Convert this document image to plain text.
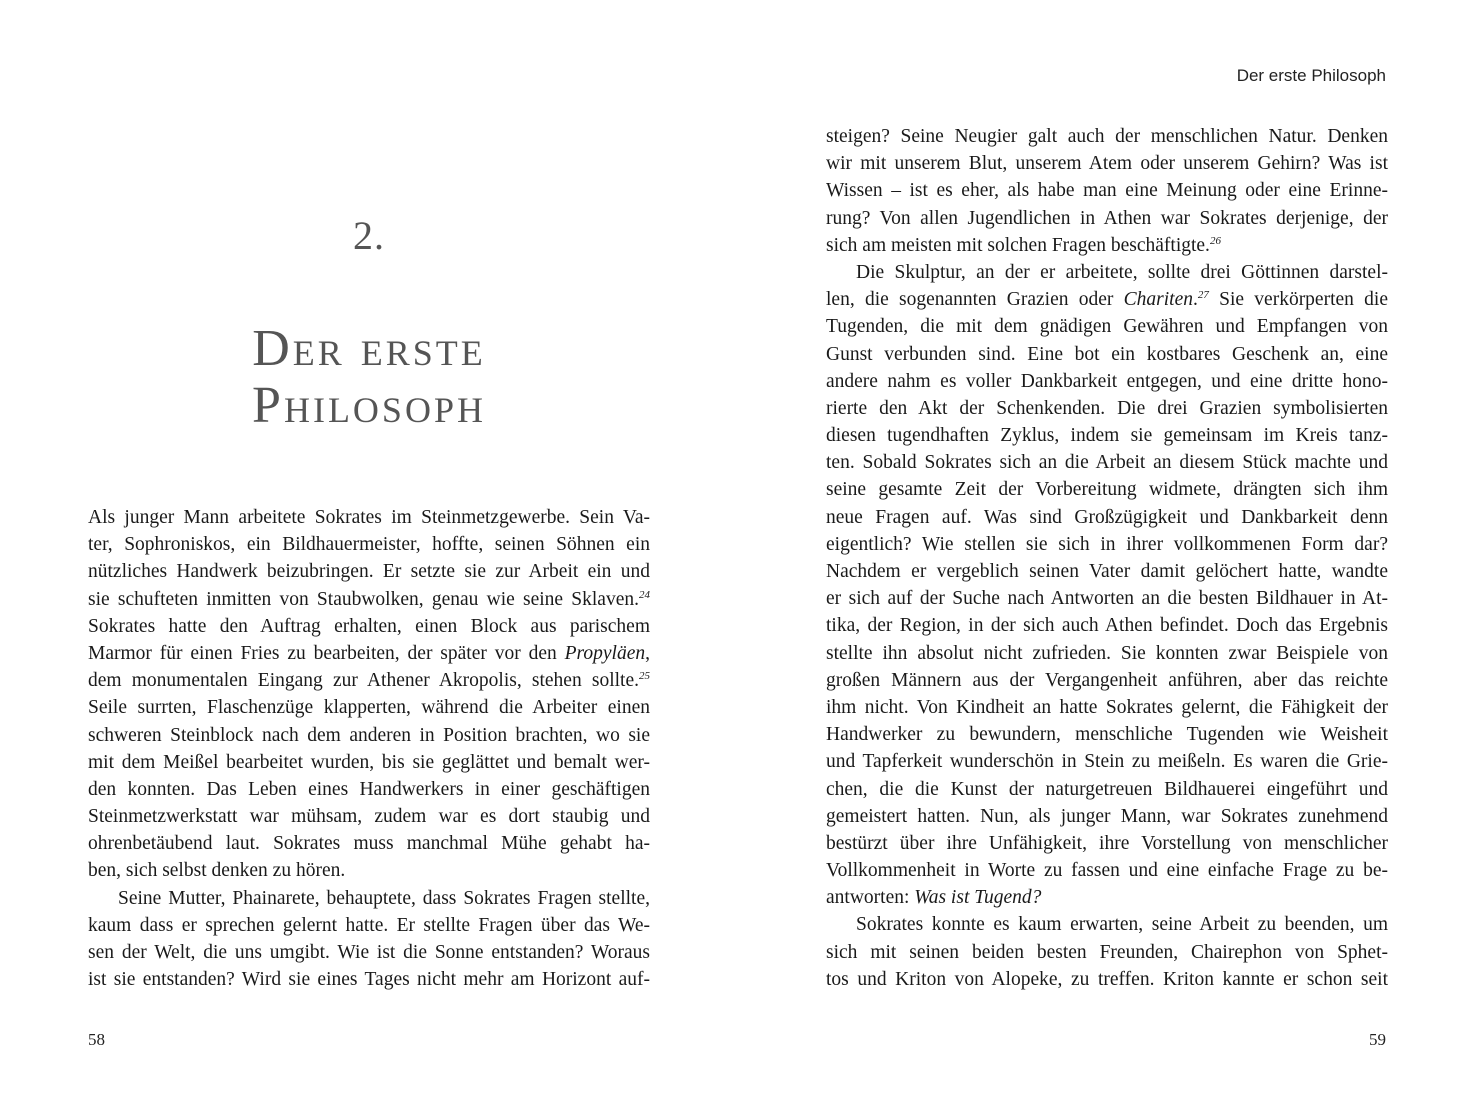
2.
Der erste
Philosoph
Als junger Mann arbeitete Sokrates im Steinmetzgewerbe. Sein Va-
ter, Sophroniskos, ein Bildhauermeister, hoffte, seinen Söhnen ein
nützliches Handwerk beizubringen. Er setzte sie zur Arbeit ein und
sie schufteten inmitten von Staubwolken, genau wie seine Sklaven.$^{24}$
Sokrates hatte den Auftrag erhalten, einen Block aus parischem
Marmor für einen Fries zu bearbeiten, der später vor den Propyläen,
dem monumentalen Eingang zur Athener Akropolis, stehen sollte.$^{25}$
Seile surrten, Flaschenzüge klapperten, während die Arbeiter einen
schweren Steinblock nach dem anderen in Position brachten, wo sie
mit dem Meißel bearbeitet wurden, bis sie geglättet und bemalt wer-
den konnten. Das Leben eines Handwerkers in einer geschäftigen
Steinmetzwerkstatt war mühsam, zudem war es dort staubig und
ohrenbetäubend laut. Sokrates muss manchmal Mühe gehabt ha-
ben, sich selbst denken zu hören.
Seine Mutter, Phainarete, behauptete, dass Sokrates Fragen stellte,
kaum dass er sprechen gelernt hatte. Er stellte Fragen über das We-
sen der Welt, die uns umgibt. Wie ist die Sonne entstanden? Woraus
ist sie entstanden? Wird sie eines Tages nicht mehr am Horizont auf-
58
Der erste Philosoph
steigen? Seine Neugier galt auch der menschlichen Natur. Denken
wir mit unserem Blut, unserem Atem oder unserem Gehirn? Was ist
Wissen – ist es eher, als habe man eine Meinung oder eine Erinne-
rung? Von allen Jugendlichen in Athen war Sokrates derjenige, der
sich am meisten mit solchen Fragen beschäftigte.$^{26}$
Die Skulptur, an der er arbeitete, sollte drei Göttinnen darstel-
len, die sogenannten Grazien oder Chariten.$^{27}$ Sie verkörperten die
Tugenden, die mit dem gnädigen Gewähren und Empfangen von
Gunst verbunden sind. Eine bot ein kostbares Geschenk an, eine
andere nahm es voller Dankbarkeit entgegen, und eine dritte hono-
rierte den Akt der Schenkenden. Die drei Grazien symbolisierten
diesen tugendhaften Zyklus, indem sie gemeinsam im Kreis tanz-
ten. Sobald Sokrates sich an die Arbeit an diesem Stück machte und
seine gesamte Zeit der Vorbereitung widmete, drängten sich ihm
neue Fragen auf. Was sind Großzügigkeit und Dankbarkeit denn
eigentlich? Wie stellen sie sich in ihrer vollkommenen Form dar?
Nachdem er vergeblich seinen Vater damit gelöchert hatte, wandte
er sich auf der Suche nach Antworten an die besten Bildhauer in At-
tika, der Region, in der sich auch Athen befindet. Doch das Ergebnis
stellte ihn absolut nicht zufrieden. Sie konnten zwar Beispiele von
großen Männern aus der Vergangenheit anführen, aber das reichte
ihm nicht. Von Kindheit an hatte Sokrates gelernt, die Fähigkeit der
Handwerker zu bewundern, menschliche Tugenden wie Weisheit
und Tapferkeit wunderschön in Stein zu meißeln. Es waren die Grie-
chen, die die Kunst der naturgetreuen Bildhauerei eingeführt und
gemeistert hatten. Nun, als junger Mann, war Sokrates zunehmend
bestürzt über ihre Unfähigkeit, ihre Vorstellung von menschlicher
Vollkommenheit in Worte zu fassen und eine einfache Frage zu be-
antworten: Was ist Tugend?
Sokrates konnte es kaum erwarten, seine Arbeit zu beenden, um
sich mit seinen beiden besten Freunden, Chairephon von Sphet-
tos und Kriton von Alopeke, zu treffen. Kriton kannte er schon seit
59
